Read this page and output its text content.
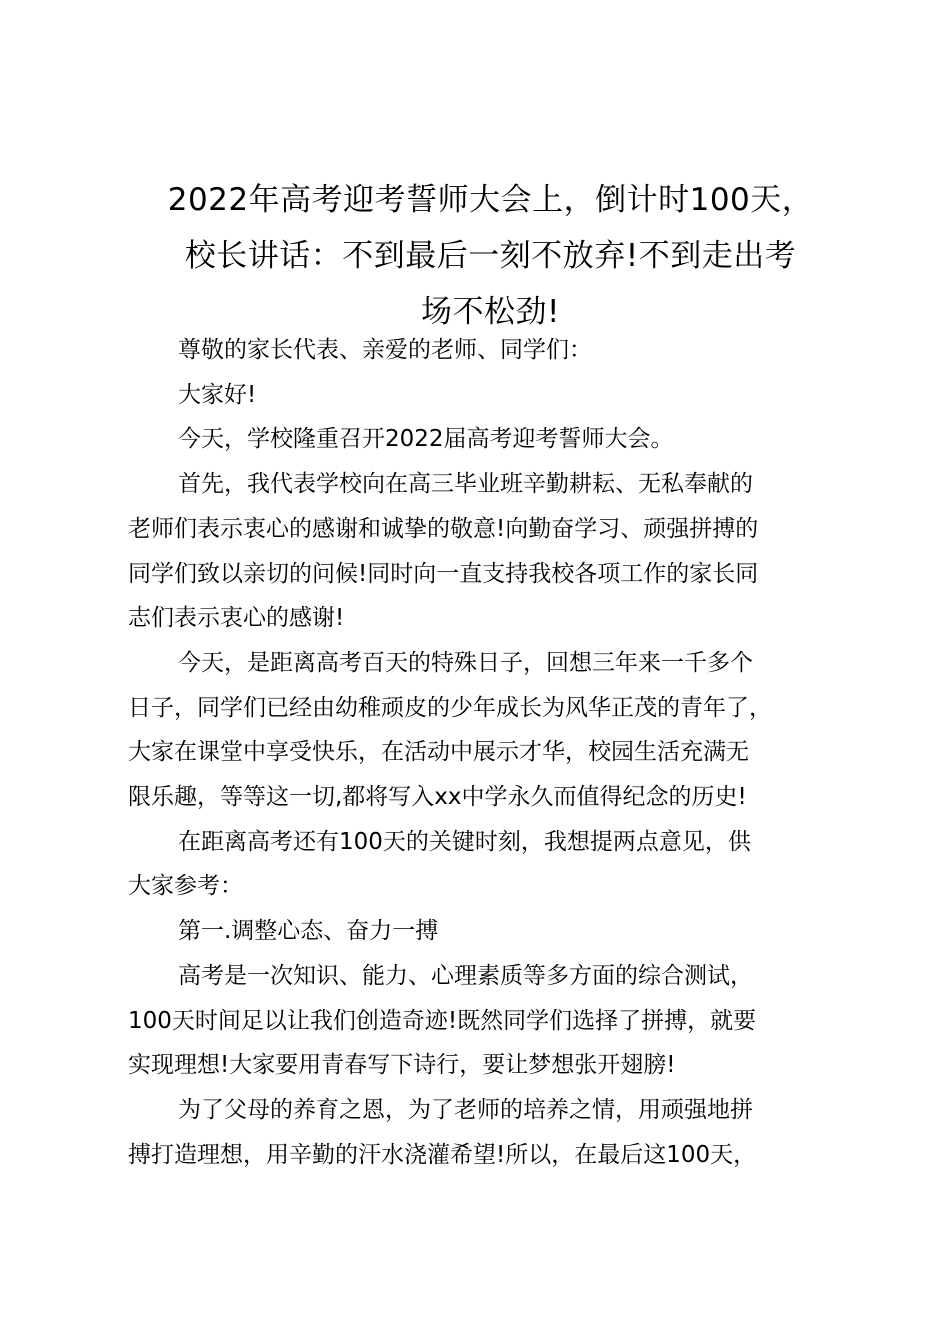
2022年高考迎考誓师大会上，倒计时100天，
校长讲话：不到最后一刻不放弃!不到走出考
场不松劲!

尊敬的家长代表、亲爱的老师、同学们：

大家好!

今天，学校隆重召开2022届高考迎考誓师大会。

首先，我代表学校向在高三毕业班辛勤耕耘、无私奉献的
老师们表示衷心的感谢和诚挚的敬意!向勤奋学习、顽强拼搏的
同学们致以亲切的问候!同时向一直支持我校各项工作的家长同
志们表示衷心的感谢!

今天，是距离高考百天的特殊日子，回想三年来一千多个
日子，同学们已经由幼稚顽皮的少年成长为风华正茂的青年了，
大家在课堂中享受快乐，在活动中展示才华，校园生活充满无
限乐趣，等等这一切,都将写入xx中学永久而值得纪念的历史!

在距离高考还有100天的关键时刻，我想提两点意见，供
大家参考：

第一.调整心态、奋力一搏

高考是一次知识、能力、心理素质等多方面的综合测试，
100天时间足以让我们创造奇迹!既然同学们选择了拼搏，就要
实现理想!大家要用青春写下诗行，要让梦想张开翅膀!

为了父母的养育之恩，为了老师的培养之情，用顽强地拼
搏打造理想，用辛勤的汗水浇灌希望!所以，在最后这100天，
